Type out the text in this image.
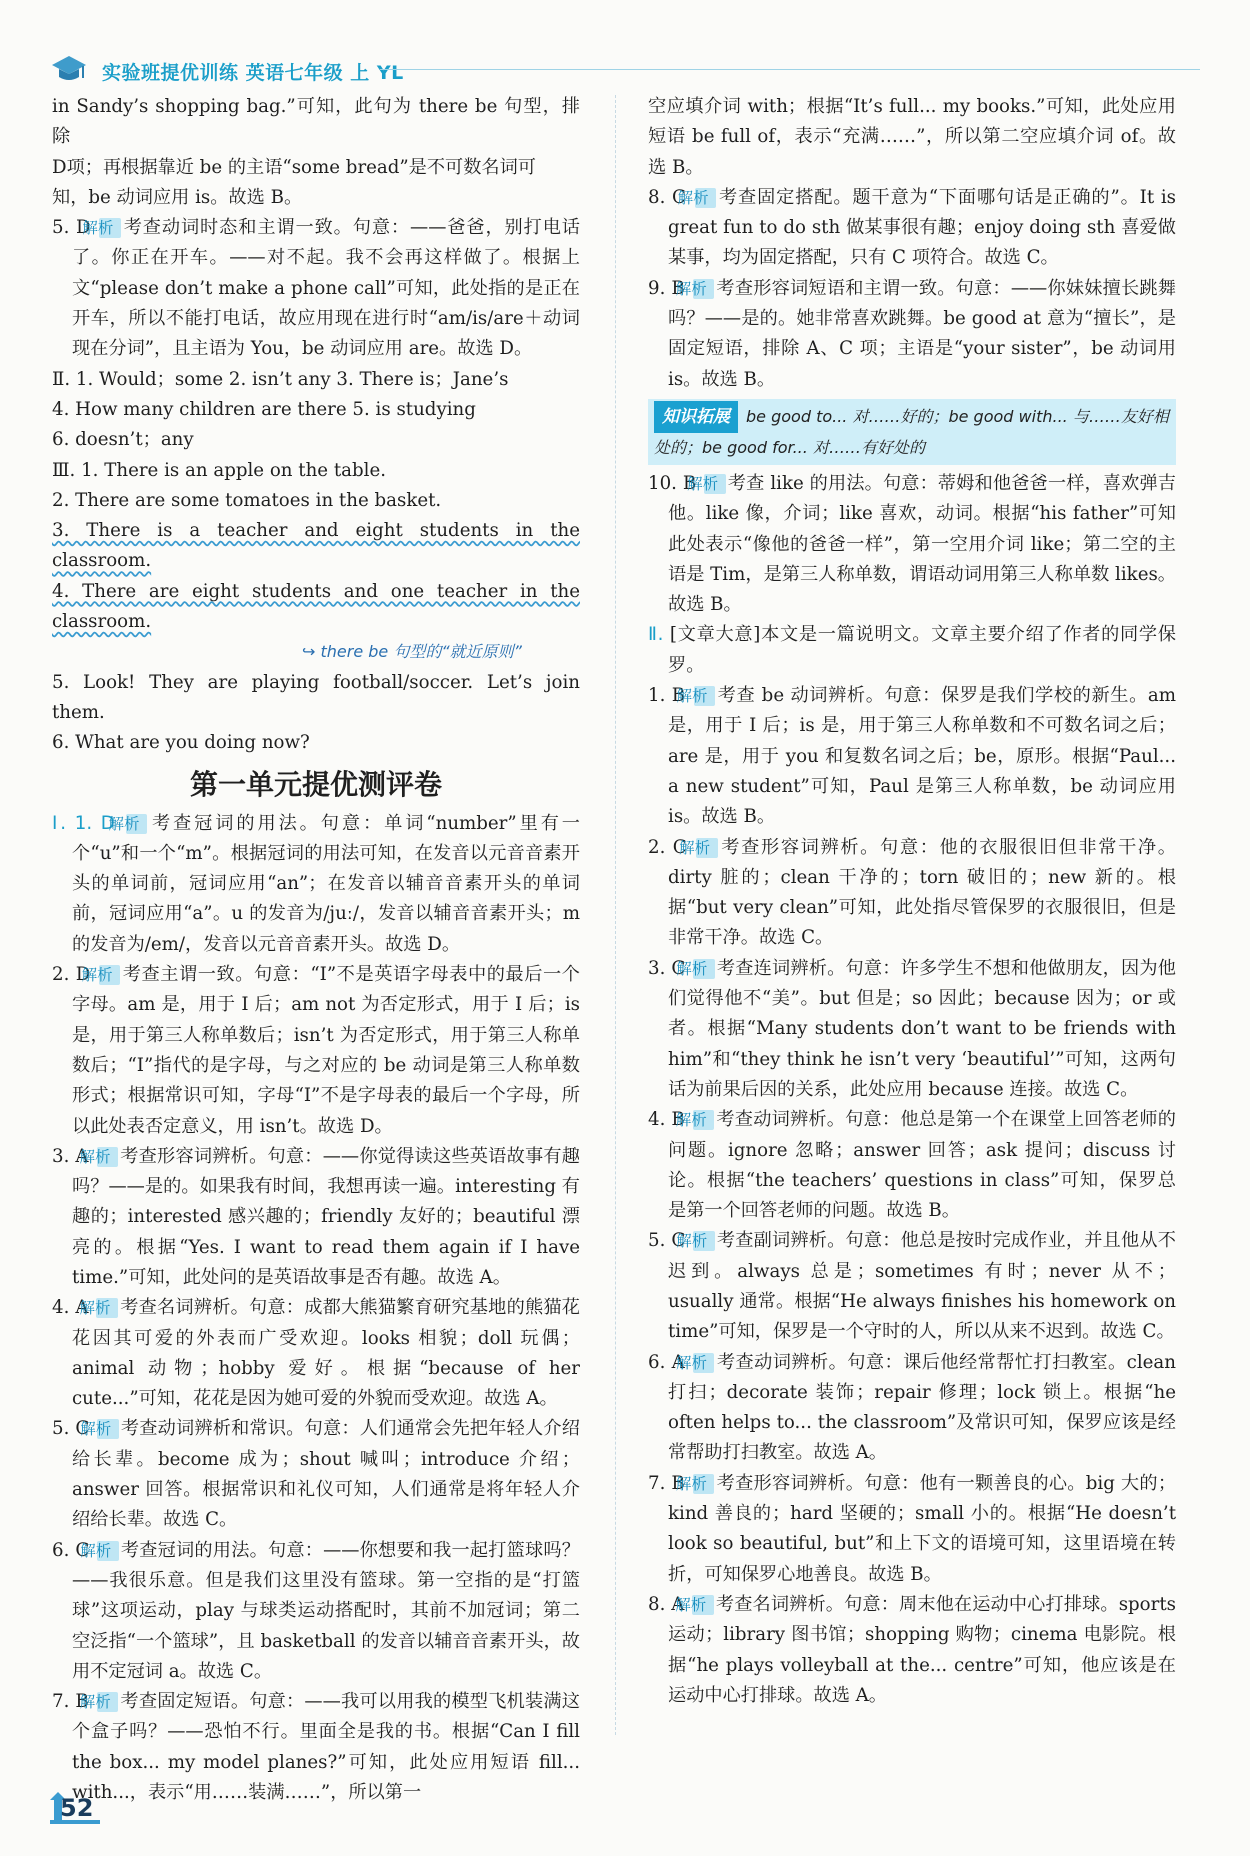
实验班提优训练 英语七年级 上 YL

in Sandy’s shopping bag.”可知，此句为 there be 句型，排除

D项；再根据靠近 be 的主语“some bread”是不可数名词可

知，be 动词应用 is。故选 B。

5. D 解析 考查动词时态和主谓一致。句意：——爸爸，别打电话了。你正在开车。——对不起。我不会再这样做了。根据上文“please don’t make a phone call”可知，此处指的是正在开车，所以不能打电话，故应用现在进行时“am/is/are＋动词现在分词”，且主语为 You，be 动词应用 are。故选 D。

Ⅱ. 1. Would；some 2. isn’t any 3. There is；Jane’s

4. How many children are there 5. is studying

6. doesn’t；any

Ⅲ. 1. There is an apple on the table.

2. There are some tomatoes in the basket.

3. There is a teacher and eight students in the classroom.

4. There are eight students and one teacher in the classroom.

↪ there be 句型的“就近原则”

5. Look! They are playing football/soccer. Let’s join them.

6. What are you doing now?

第一单元提优测评卷

Ⅰ. 1. D 解析 考查冠词的用法。句意：单词“number”里有一个“u”和一个“m”。根据冠词的用法可知，在发音以元音音素开头的单词前，冠词应用“an”；在发音以辅音音素开头的单词前，冠词应用“a”。u 的发音为/juː/，发音以辅音音素开头；m 的发音为/em/，发音以元音音素开头。故选 D。

2. D 解析 考查主谓一致。句意：“I”不是英语字母表中的最后一个字母。am 是，用于 I 后；am not 为否定形式，用于 I 后；is 是，用于第三人称单数后；isn’t 为否定形式，用于第三人称单数后；“I”指代的是字母，与之对应的 be 动词是第三人称单数形式；根据常识可知，字母“I”不是字母表的最后一个字母，所以此处表否定意义，用 isn’t。故选 D。

3. A 解析 考查形容词辨析。句意：——你觉得读这些英语故事有趣吗？——是的。如果我有时间，我想再读一遍。interesting 有趣的；interested 感兴趣的；friendly 友好的；beautiful 漂亮的。根据“Yes. I want to read them again if I have time.”可知，此处问的是英语故事是否有趣。故选 A。

4. A 解析 考查名词辨析。句意：成都大熊猫繁育研究基地的熊猫花花因其可爱的外表而广受欢迎。looks 相貌；doll 玩偶；animal 动物；hobby 爱好。根据“because of her cute...”可知，花花是因为她可爱的外貌而受欢迎。故选 A。

5. C 解析 考查动词辨析和常识。句意：人们通常会先把年轻人介绍给长辈。become 成为；shout 喊叫；introduce 介绍；answer 回答。根据常识和礼仪可知，人们通常是将年轻人介绍给长辈。故选 C。

6. C 解析 考查冠词的用法。句意：——你想要和我一起打篮球吗？——我很乐意。但是我们这里没有篮球。第一空指的是“打篮球”这项运动，play 与球类运动搭配时，其前不加冠词；第二空泛指“一个篮球”，且 basketball 的发音以辅音音素开头，故用不定冠词 a。故选 C。

7. B 解析 考查固定短语。句意：——我可以用我的模型飞机装满这个盒子吗？——恐怕不行。里面全是我的书。根据“Can I fill the box... my model planes?”可知，此处应用短语 fill... with...，表示“用……装满……”，所以第一

空应填介词 with；根据“It’s full... my books.”可知，此处应用短语 be full of，表示“充满……”，所以第二空应填介词 of。故选 B。

8. C 解析 考查固定搭配。题干意为“下面哪句话是正确的”。It is great fun to do sth 做某事很有趣；enjoy doing sth 喜爱做某事，均为固定搭配，只有 C 项符合。故选 C。

9. B 解析 考查形容词短语和主谓一致。句意：——你妹妹擅长跳舞吗？——是的。她非常喜欢跳舞。be good at 意为“擅长”，是固定短语，排除 A、C 项；主语是“your sister”，be 动词用 is。故选 B。

知识拓展 be good to... 对……好的；be good with... 与……友好相处的；be good for... 对……有好处的

10. B 解析 考查 like 的用法。句意：蒂姆和他爸爸一样，喜欢弹吉他。like 像，介词；like 喜欢，动词。根据“his father”可知此处表示“像他的爸爸一样”，第一空用介词 like；第二空的主语是 Tim，是第三人称单数，谓语动词用第三人称单数 likes。故选 B。

Ⅱ. [文章大意]本文是一篇说明文。文章主要介绍了作者的同学保罗。

1. B 解析 考查 be 动词辨析。句意：保罗是我们学校的新生。am 是，用于 I 后；is 是，用于第三人称单数和不可数名词之后；are 是，用于 you 和复数名词之后；be，原形。根据“Paul... a new student”可知，Paul 是第三人称单数，be 动词应用 is。故选 B。

2. C 解析 考查形容词辨析。句意：他的衣服很旧但非常干净。dirty 脏的；clean 干净的；torn 破旧的；new 新的。根据“but very clean”可知，此处指尽管保罗的衣服很旧，但是非常干净。故选 C。

3. C 解析 考查连词辨析。句意：许多学生不想和他做朋友，因为他们觉得他不“美”。but 但是；so 因此；because 因为；or 或者。根据“Many students don’t want to be friends with him”和“they think he isn’t very ‘beautiful’”可知，这两句话为前果后因的关系，此处应用 because 连接。故选 C。

4. B 解析 考查动词辨析。句意：他总是第一个在课堂上回答老师的问题。ignore 忽略；answer 回答；ask 提问；discuss 讨论。根据“the teachers’ questions in class”可知，保罗总是第一个回答老师的问题。故选 B。

5. C 解析 考查副词辨析。句意：他总是按时完成作业，并且他从不迟到。always 总是；sometimes 有时；never 从不；usually 通常。根据“He always finishes his homework on time”可知，保罗是一个守时的人，所以从来不迟到。故选 C。

6. A 解析 考查动词辨析。句意：课后他经常帮忙打扫教室。clean 打扫；decorate 装饰；repair 修理；lock 锁上。根据“he often helps to... the classroom”及常识可知，保罗应该是经常帮助打扫教室。故选 A。

7. B 解析 考查形容词辨析。句意：他有一颗善良的心。big 大的；kind 善良的；hard 坚硬的；small 小的。根据“He doesn’t look so beautiful, but”和上下文的语境可知，这里语境在转折，可知保罗心地善良。故选 B。

8. A 解析 考查名词辨析。句意：周末他在运动中心打排球。sports 运动；library 图书馆；shopping 购物；cinema 电影院。根据“he plays volleyball at the... centre”可知，他应该是在运动中心打排球。故选 A。

52
